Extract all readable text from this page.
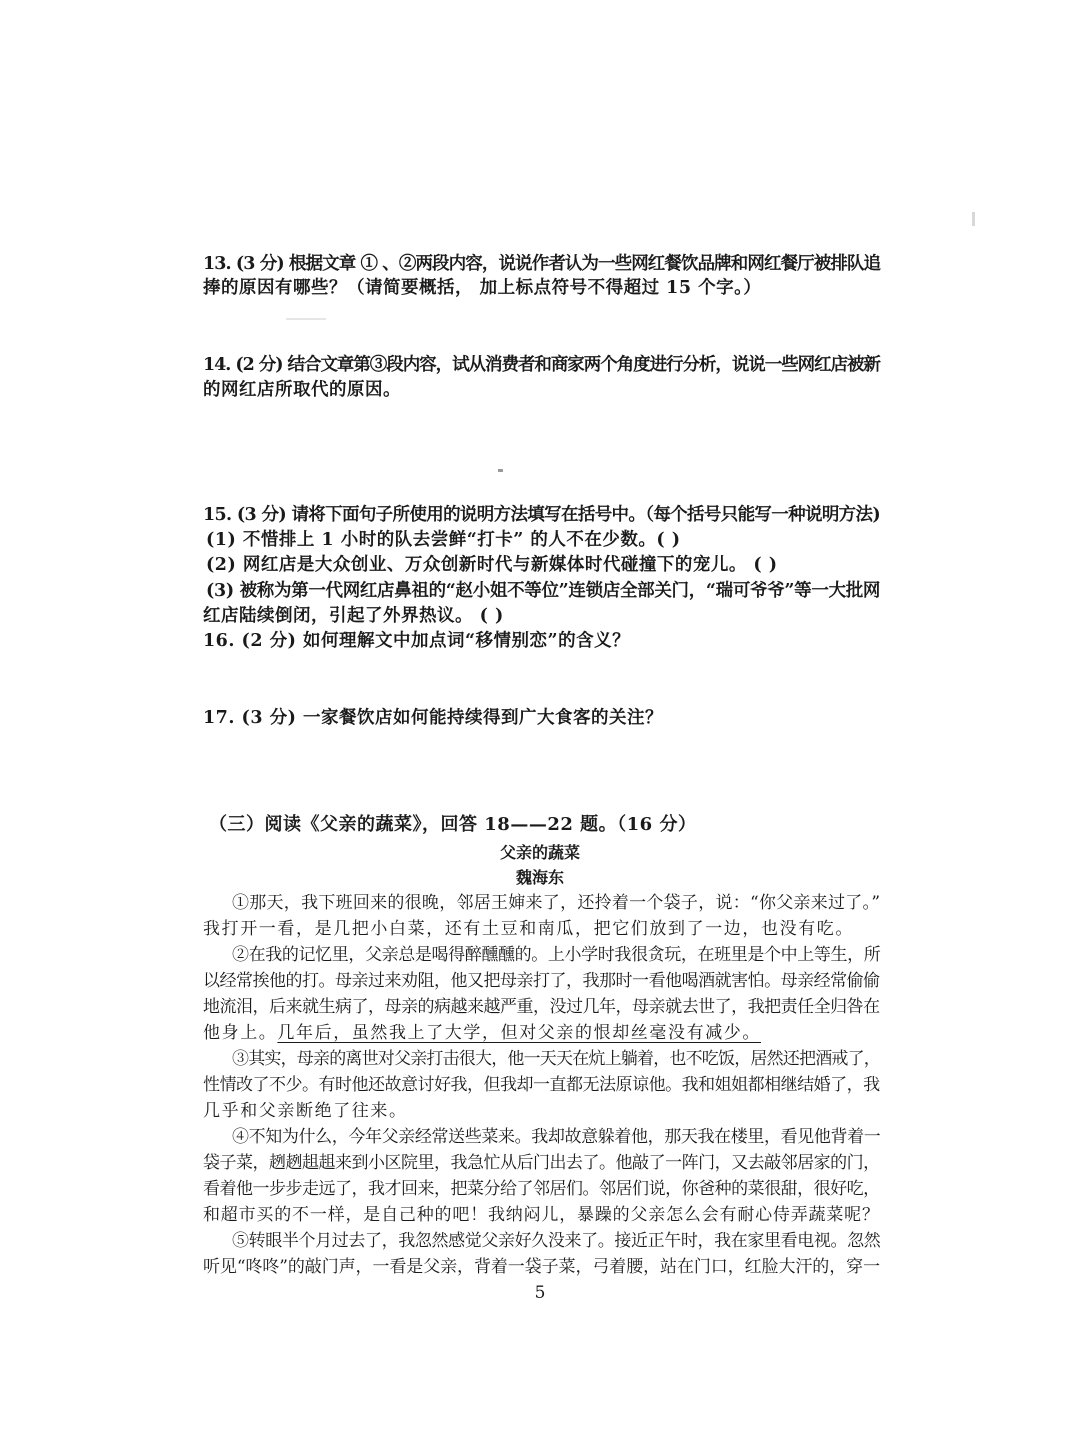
13. (3 分) 根据文章 ① 、②两段内容，说说作者认为一些网红餐饮品牌和网红餐厅被排队追
捧的原因有哪些？（请简要概括， 加上标点符号不得超过 15 个字。）
14. (2 分) 结合文章第③段内容，试从消费者和商家两个角度进行分析，说说一些网红店被新
的网红店所取代的原因。
15. (3 分) 请将下面句子所使用的说明方法填写在括号中。（每个括号只能写一种说明方法)
(1) 不惜排上 1 小时的队去尝鲜“打卡” 的人不在少数。( )
(2) 网红店是大众创业、万众创新时代与新媒体时代碰撞下的宠儿。 ( )
(3) 被称为第一代网红店鼻祖的“赵小姐不等位”连锁店全部关门，“瑞可爷爷”等一大批网
红店陆续倒闭，引起了外界热议。 ( )
16. (2 分) 如何理解文中加点词“移情别恋”的含义？
17. (3 分) 一家餐饮店如何能持续得到广大食客的关注？
（三）阅读《父亲的蔬菜》，回答 18——22 题。（16 分）
父亲的蔬菜
魏海东
①那天，我下班回来的很晚，邻居王婶来了，还拎着一个袋子，说：“你父亲来过了。”
我打开一看，是几把小白菜，还有土豆和南瓜，把它们放到了一边，也没有吃。
②在我的记忆里，父亲总是喝得醉醺醺的。上小学时我很贪玩，在班里是个中上等生，所
以经常挨他的打。母亲过来劝阻，他又把母亲打了，我那时一看他喝酒就害怕。母亲经常偷偷
地流泪，后来就生病了，母亲的病越来越严重，没过几年，母亲就去世了，我把责任全归咎在
他身上。几年后，虽然我上了大学，但对父亲的恨却丝毫没有减少。
③其实，母亲的离世对父亲打击很大，他一天天在炕上躺着，也不吃饭，居然还把酒戒了，
性情改了不少。有时他还故意讨好我，但我却一直都无法原谅他。我和姐姐都相继结婚了，我
几乎和父亲断绝了往来。
④不知为什么，今年父亲经常送些菜来。我却故意躲着他，那天我在楼里，看见他背着一
袋子菜，趔趔趄趄来到小区院里，我急忙从后门出去了。他敲了一阵门，又去敲邻居家的门，
看着他一步步走远了，我才回来，把菜分给了邻居们。邻居们说，你爸种的菜很甜，很好吃，
和超市买的不一样，是自己种的吧！我纳闷儿，暴躁的父亲怎么会有耐心侍弄蔬菜呢？
⑤转眼半个月过去了，我忽然感觉父亲好久没来了。接近正午时，我在家里看电视。忽然
听见“咚咚”的敲门声，一看是父亲，背着一袋子菜，弓着腰，站在门口，红脸大汗的，穿一
5
